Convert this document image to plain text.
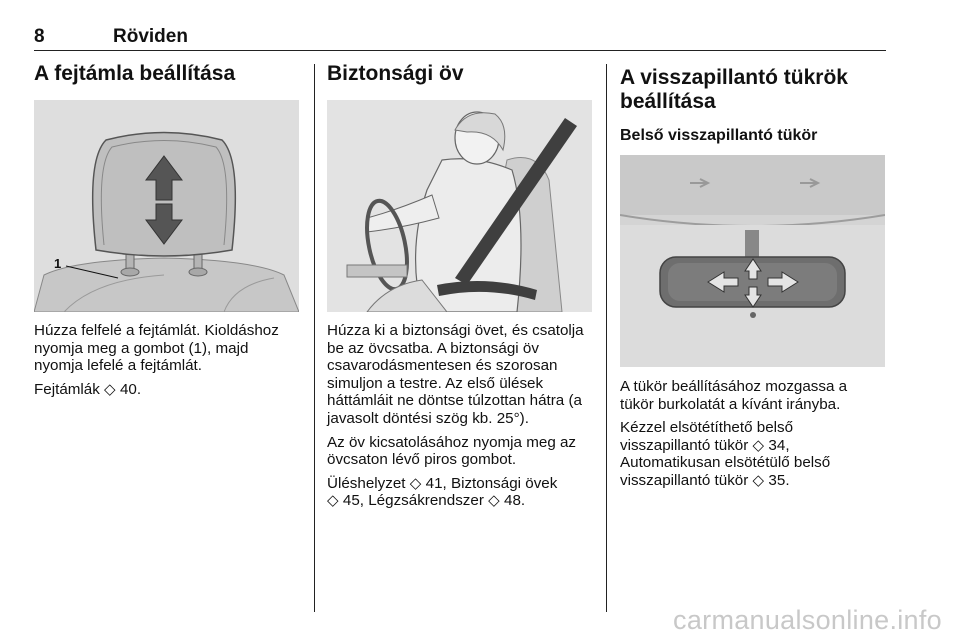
8	Röviden
A fejtámla beállítása
1

Húzza felfelé a fejtámlát. Kioldáshoz
nyomja meg a gombot (1), majd
nyomja lefelé a fejtámlát.

Fejtámlák ◇ 40.

Biztonsági öv

Húzza ki a biztonsági övet, és csatolja
be az övcsatba. A biztonsági öv
csavarodásmentesen és szorosan
simuljon a testre. Az első ülések
háttámláit ne döntse túlzottan hátra (a
javasolt döntési szög kb. 25°).

Az öv kicsatolásához nyomja meg az
övcsaton lévő piros gombot.

Üléshelyzet ◇ 41, Biztonsági övek
◇ 45, Légzsákrendszer ◇ 48.

A visszapillantó tükrök
beállítása
Belső visszapillantó tükör

A tükör beállításához mozgassa a
tükör burkolatát a kívánt irányba.

Kézzel elsötétíthető belső
visszapillantó tükör ◇ 34,
Automatikusan elsötétülő belső
visszapillantó tükör ◇ 35.

carmanualsonline.info
